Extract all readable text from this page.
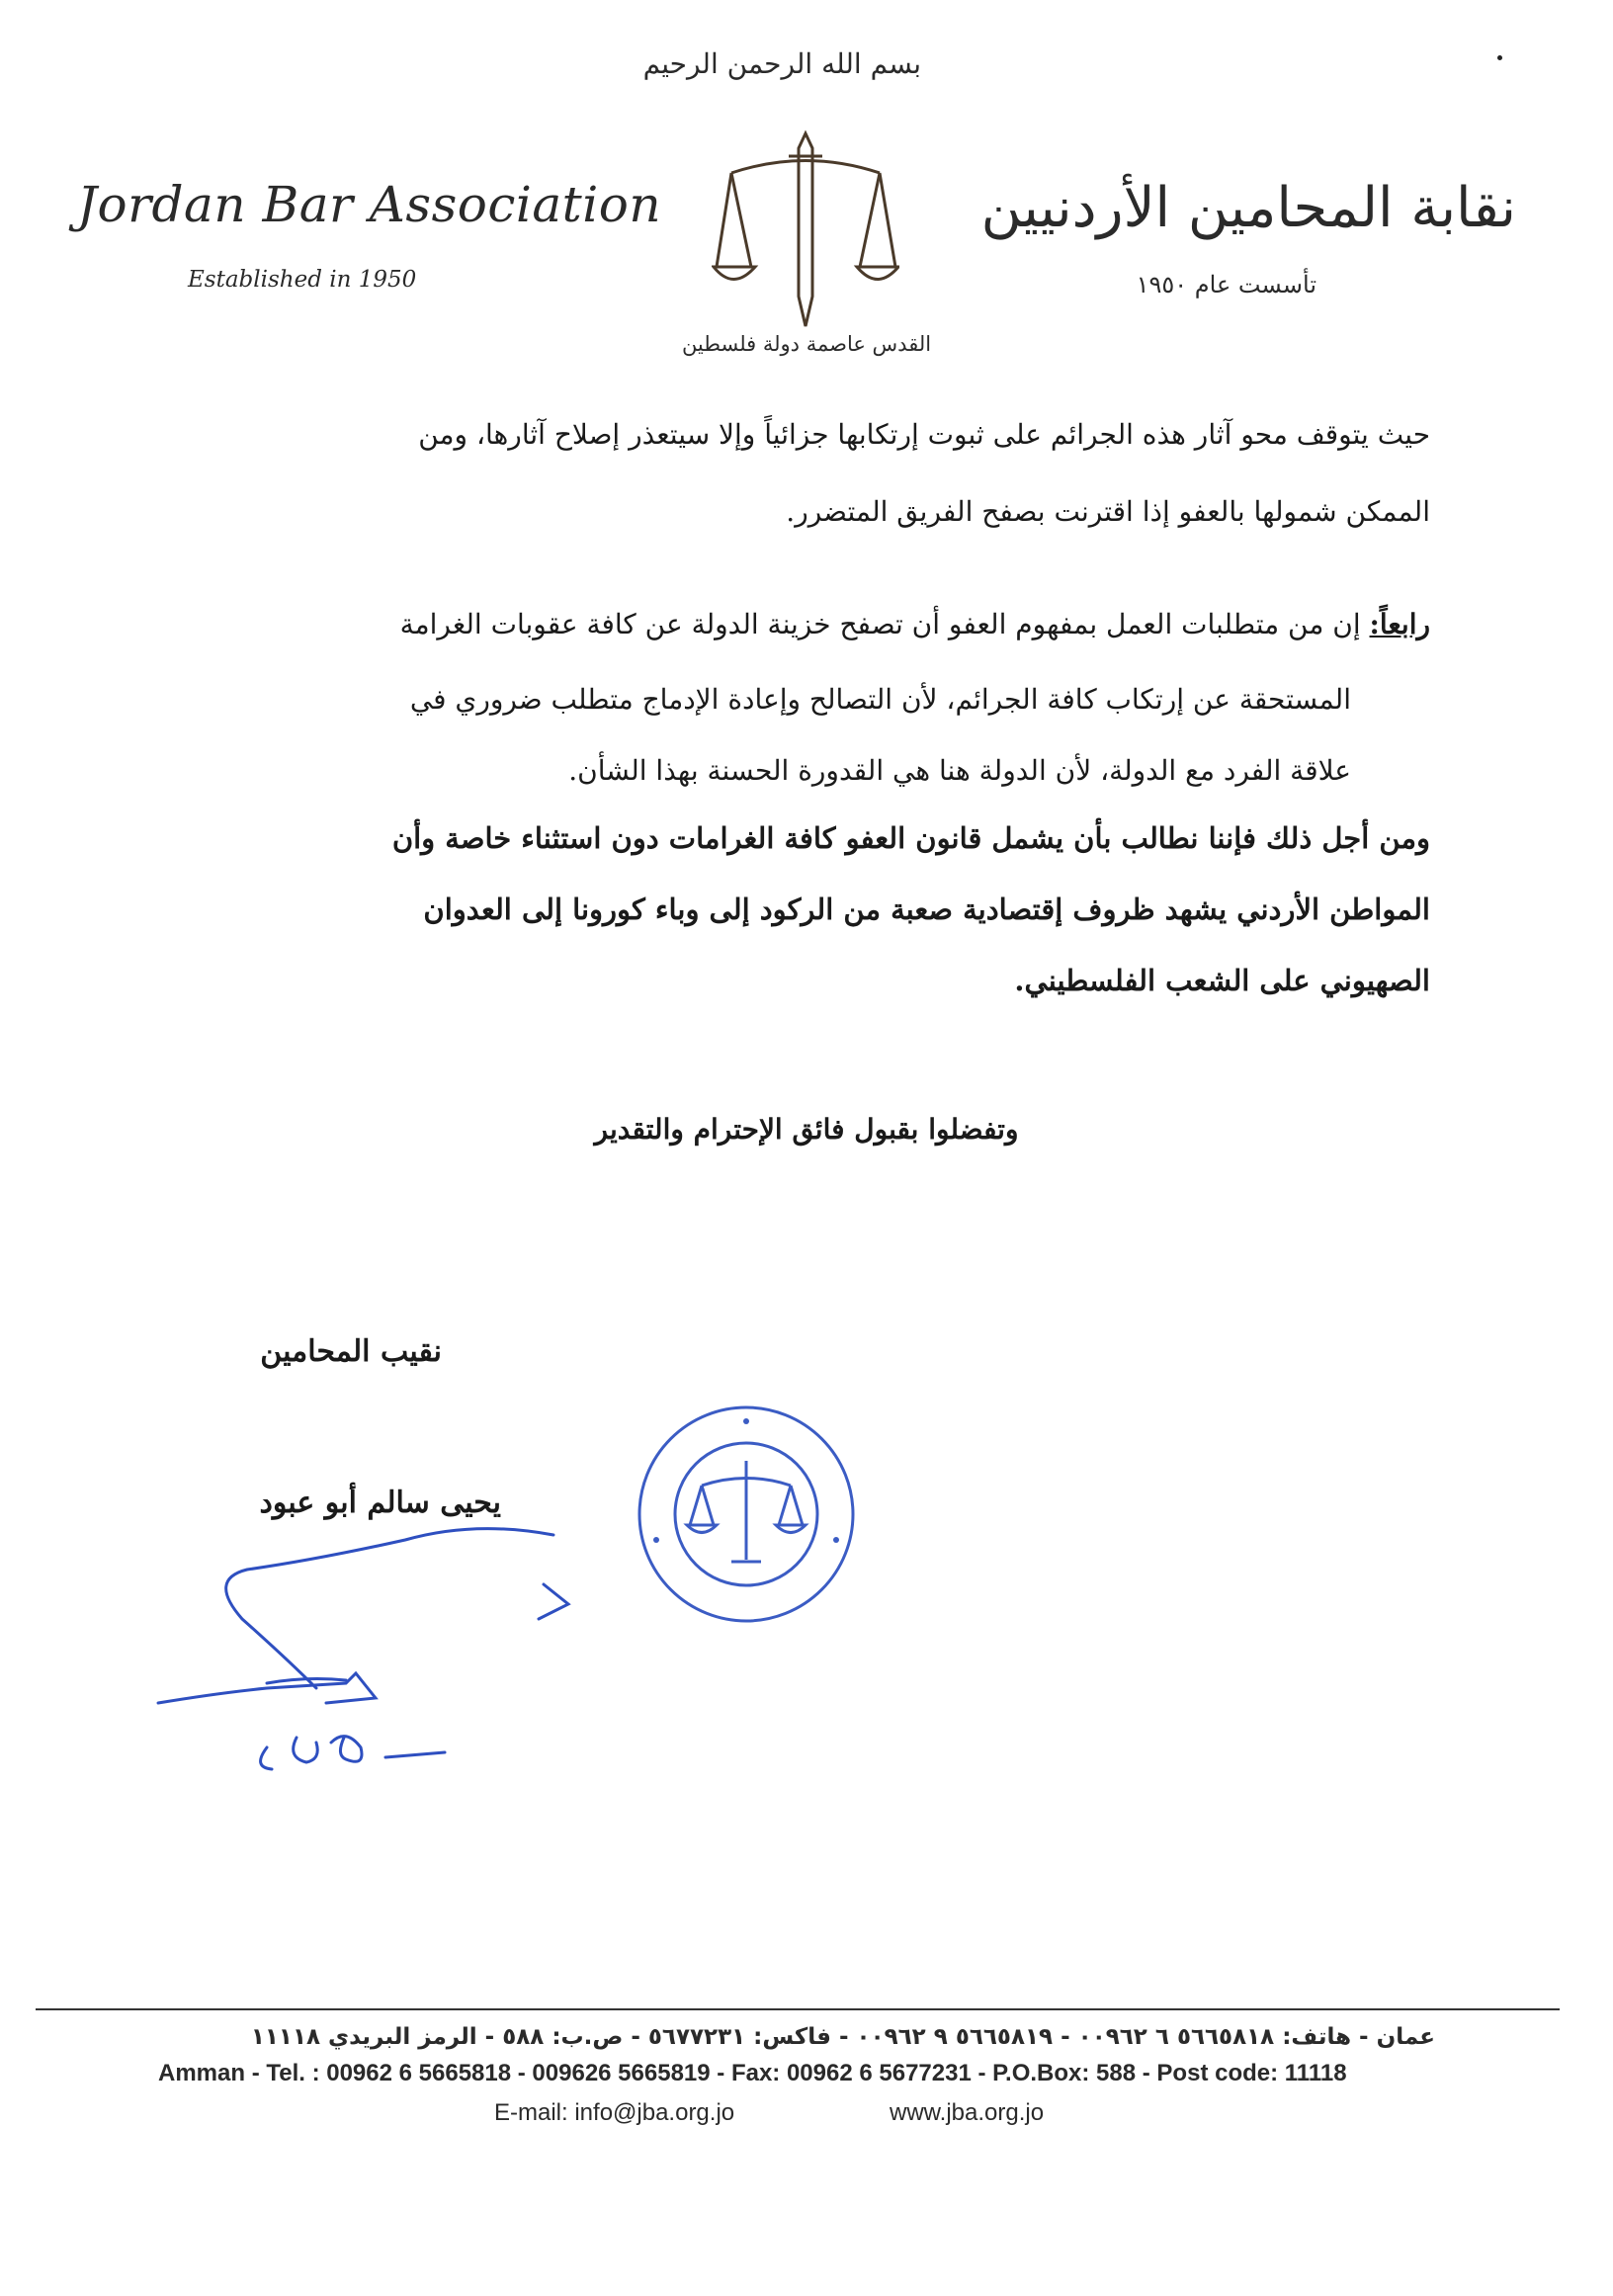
بسم الله الرحمن الرحيم
القدس عاصمة دولة فلسطين
Jordan Bar Association
Established in 1950
نقابة المحامين الأردنيين
تأسست عام ١٩٥٠
حيث يتوقف محو آثار هذه الجرائم على ثبوت إرتكابها جزائياً وإلا سيتعذر إصلاح آثارها، ومن
الممكن شمولها بالعفو إذا اقترنت بصفح الفريق المتضرر.
رابعاً: إن من متطلبات العمل بمفهوم العفو أن تصفح خزينة الدولة عن كافة عقوبات الغرامة
المستحقة عن إرتكاب كافة الجرائم، لأن التصالح وإعادة الإدماج متطلب ضروري في
علاقة الفرد مع الدولة، لأن الدولة هنا هي القدورة الحسنة بهذا الشأن.
ومن أجل ذلك فإننا نطالب بأن يشمل قانون العفو كافة الغرامات دون استثناء خاصة وأن
المواطن الأردني يشهد ظروف إقتصادية صعبة من الركود إلى وباء كورونا إلى العدوان
الصهيوني على الشعب الفلسطيني.
وتفضلوا بقبول فائق الإحترام والتقدير
نقيب المحامين
يحيى سالم أبو عبود
عمان - هاتف: ٥٦٦٥٨١٨ ٦ ٠٠٩٦٢ - ٥٦٦٥٨١٩ ٩ ٠٠٩٦٢ - فاكس: ٥٦٧٧٢٣١ - ص.ب: ٥٨٨ - الرمز البريدي ١١١١٨
Amman - Tel. : 00962 6 5665818 - 009626 5665819 - Fax: 00962 6 5677231 - P.O.Box: 588 - Post code: 11118
E-mail: info@jba.org.jo	www.jba.org.jo
